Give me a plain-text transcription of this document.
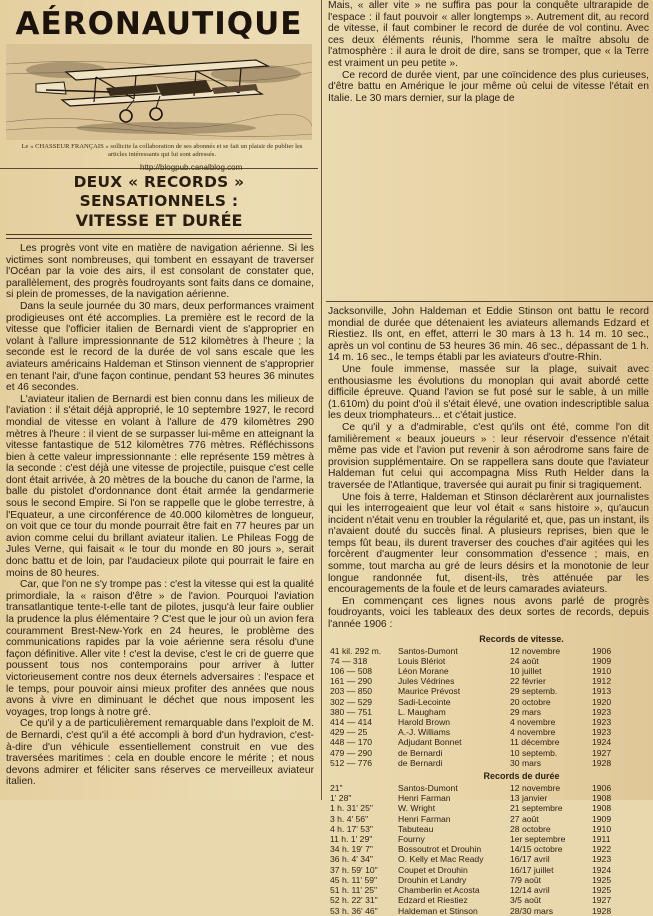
AÉRONAUTIQUE
Le « CHASSEUR FRANÇAIS » sollicite la collaboration de ses abonnés et se fait un plaisir de publier les articles intéressants qui lui sont adressés.
http://blogpub.canalblog.com
DEUX « RECORDS » SENSATIONNELS :
VITESSE ET DURÉE

Les progrès vont vite en matière de navigation aérienne. Si les victimes sont nombreuses, qui tombent en essayant de traverser l'Océan par la voie des airs, il est consolant de constater que, parallèlement, des progrès foudroyants sont faits dans ce domaine, si plein de promesses, de la navigation aérienne.

Dans la seule journée du 30 mars, deux performances vraiment prodigieuses ont été accomplies. La première est le record de la vitesse que l'officier italien de Bernardi vient de s'approprier en volant à l'allure impressionnante de 512 kilomètres à l'heure ; la seconde est le record de la durée de vol sans escale que les aviateurs américains Haldeman et Stinson viennent de s'approprier en tenant l'air, d'une façon continue, pendant 53 heures 36 minutes et 46 secondes.

L'aviateur italien de Bernardi est bien connu dans les milieux de l'aviation : il s'était déjà approprié, le 10 septembre 1927, le record mondial de vitesse en volant à l'allure de 479 kilomètres 290 mètres à l'heure : il vient de se surpasser lui-même en atteignant la vitesse fantastique de 512 kilomètres 776 mètres. Réfléchissons bien à cette valeur impressionnante : elle représente 159 mètres à la seconde : c'est déjà une vitesse de projectile, puisque c'est celle dont était arrivée, à 20 mètres de la bouche du canon de l'arme, la balle du pistolet d'ordonnance dont était armée la gendarmerie sous le second Empire. Si l'on se rappelle que le globe terrestre, à l'Equateur, a une circonférence de 40.000 kilomètres de longueur, on voit que ce tour du monde pourrait être fait en 77 heures par un avion comme celui du brillant aviateur italien. Le Phileas Fogg de Jules Verne, qui faisait « le tour du monde en 80 jours », serait donc battu et de loin, par l'audacieux pilote qui pourrait le faire en moins de 80 heures.

Car, que l'on ne s'y trompe pas : c'est la vitesse qui est la qualité primordiale, la « raison d'être » de l'avion. Pourquoi l'aviation transatlantique tente-t-elle tant de pilotes, jusqu'à leur faire oublier la prudence la plus élémentaire ? C'est que le jour où un avion fera couramment Brest-New-York en 24 heures, le problème des communications rapides par la voie aérienne sera résolu d'une façon définitive. Aller vite ! c'est la devise, c'est le cri de guerre que poussent tous nos contemporains pour arriver à lutter victorieusement contre nos deux éternels adversaires : l'espace et le temps, pour pouvoir ainsi mieux profiter des années que nous avons à vivre en diminuant le déchet que nous imposent les voyages, trop longs à notre gré.

Ce qu'il y a de particulièrement remarquable dans l'exploit de M. de Bernardi, c'est qu'il a été accompli à bord d'un hydravion, c'est-à-dire d'un véhicule essentiellement construit en vue des traversées maritimes : cela en double encore le mérite ; et nous devons admirer et féliciter sans réserves ce merveilleux aviateur italien.

Mais, « aller vite » ne suffira pas pour la conquête ultrarapide de l'espace : il faut pouvoir « aller longtemps ». Autrement dit, au record de vitesse, il faut combiner le record de durée de vol continu. Avec ces deux éléments réunis, l'homme sera le maître absolu de l'atmosphère : il aura le droit de dire, sans se tromper, que « la Terre est vraiment un peu petite ».

Ce record de durée vient, par une coïncidence des plus curieuses, d'être battu en Amérique le jour même où celui de vitesse l'était en Italie. Le 30 mars dernier, sur la plage de

Jacksonville, John Haldeman et Eddie Stinson ont battu le record mondial de durée que détenaient les aviateurs allemands Edzard et Riestiez. Ils ont, en effet, atterri le 30 mars à 13 h. 14 m. 10 sec., après un vol continu de 53 heures 36 min. 46 sec., dépassant de 1 h. 14 m. 16 sec., le temps établi par les aviateurs d'outre-Rhin.

Une foule immense, massée sur la plage, suivait avec enthousiasme les évolutions du monoplan qui avait abordé cette difficile épreuve. Quand l'avion se fut posé sur le sable, à un mille (1.610m) du point d'où il s'était élevé, une ovation indescriptible salua les deux triomphateurs... et c'était justice.

Ce qu'il y a d'admirable, c'est qu'ils ont été, comme l'on dit familièrement « beaux joueurs » : leur réservoir d'essence n'était même pas vide et l'avion put revenir à son aérodrome sans faire de provision supplémentaire. On se rappellera sans doute que l'aviateur Haldeman fut celui qui accompagna Miss Ruth Helder dans la traversée de l'Atlantique, traversée qui aurait pu finir si tragiquement.

Une fois à terre, Haldeman et Stinson déclarèrent aux journalistes qui les interrogeaient que leur vol était « sans histoire », qu'aucun incident n'était venu en troubler la régularité et, que, pas un instant, ils n'avaient douté du succès final. A plusieurs reprises, bien que le temps fût beau, ils durent traverser des couches d'air agitées qui les forcèrent d'augmenter leur consommation d'essence ; mais, en somme, tout marcha au gré de leurs désirs et la monotonie de leur longue randonnée fut, disent-ils, très atténuée par les encouragements de la foule et de leurs camarades aviateurs.

En commençant ces lignes nous avons parlé de progrès foudroyants, voici les tableaux des deux sortes de records, depuis l'année 1906 :

Records de vitesse.
41 kil. 292 m.	Santos-Dumont	12 novembre	1906
74 — 318	Louis Blériot	24 août	1909
106 — 508	Léon Morane	10 juillet	1910
161 — 290	Jules Védrines	22 février	1912
203 — 850	Maurice Prévost	29 septemb.	1913
302 — 529	Sadi-Lecointe	20 octobre	1920
380 — 751	L. Maugham	29 mars	1923
414 — 414	Harold Brown	4 novembre	1923
429 — 25	A.-J. Williams	4 novembre	1923
448 — 170	Adjudant Bonnet	11 décembre	1924
479 — 290	de Bernardi	10 septemb.	1927
512 — 776	de Bernardi	30 mars	1928
Records de durée
21"	Santos-Dumont	12 novembre	1906
1' 28"	Henri Farman	13 janvier	1908
1 h. 31' 25"	W. Wright	21 septembre	1908
3 h. 4' 56"	Henri Farman	27 août	1909
4 h. 17' 53"	Tabuteau	28 octobre	1910
11 h. 1' 29"	Fourny	1er septembre	1911
34 h. 19' 7"	Bossoutrot et Drouhin	14/15 octobre	1922
36 h. 4' 34"	O. Kelly et Mac Ready	16/17 avril	1923
37 h. 59' 10"	Coupet et Drouhin	16/17 juillet	1924
45 h. 11' 59"	Drouhin et Landry	7/9 août	1925
51 h. 11' 25"	Chamberlin et Acosta	12/14 avril	1925
52 h. 22' 31"	Edzard et Riestiez	3/5 août	1927
53 h. 36' 46"	Haldeman et Stinson	28/30 mars	1928
